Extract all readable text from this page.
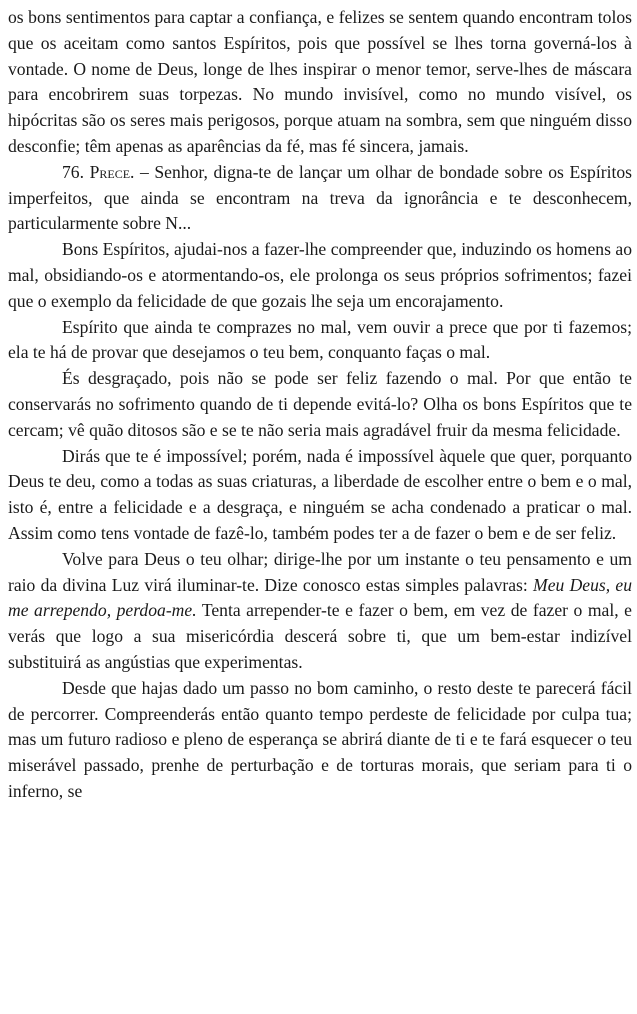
os bons sentimentos para captar a confiança, e felizes se sentem quando encontram tolos que os aceitam como santos Espíritos, pois que possível se lhes torna governá-los à vontade. O nome de Deus, longe de lhes inspirar o menor temor, serve-lhes de máscara para encobrirem suas torpezas. No mundo invisível, como no mundo visível, os hipócritas são os seres mais perigosos, porque atuam na sombra, sem que ninguém disso desconfie; têm apenas as aparências da fé, mas fé sincera, jamais.

76. Prece. – Senhor, digna-te de lançar um olhar de bondade sobre os Espíritos imperfeitos, que ainda se encontram na treva da ignorância e te desconhecem, particularmente sobre N...

Bons Espíritos, ajudai-nos a fazer-lhe compreender que, induzindo os homens ao mal, obsidiando-os e atormentando-os, ele prolonga os seus próprios sofrimentos; fazei que o exemplo da felicidade de que gozais lhe seja um encorajamento.

Espírito que ainda te comprazes no mal, vem ouvir a prece que por ti fazemos; ela te há de provar que desejamos o teu bem, conquanto faças o mal.

És desgraçado, pois não se pode ser feliz fazendo o mal. Por que então te conservarás no sofrimento quando de ti depende evitá-lo? Olha os bons Espíritos que te cercam; vê quão ditosos são e se te não seria mais agradável fruir da mesma felicidade.

Dirás que te é impossível; porém, nada é impossível àquele que quer, porquanto Deus te deu, como a todas as suas criaturas, a liberdade de escolher entre o bem e o mal, isto é, entre a felicidade e a desgraça, e ninguém se acha condenado a praticar o mal. Assim como tens vontade de fazê-lo, também podes ter a de fazer o bem e de ser feliz.

Volve para Deus o teu olhar; dirige-lhe por um instante o teu pensamento e um raio da divina Luz virá iluminar-te. Dize conosco estas simples palavras: Meu Deus, eu me arrependo, perdoa-me. Tenta arrepender-te e fazer o bem, em vez de fazer o mal, e verás que logo a sua misericórdia descerá sobre ti, que um bem-estar indizível substituirá as angústias que experimentas.

Desde que hajas dado um passo no bom caminho, o resto deste te parecerá fácil de percorrer. Compreenderás então quanto tempo perdeste de felicidade por culpa tua; mas um futuro radioso e pleno de esperança se abrirá diante de ti e te fará esquecer o teu miserável passado, prenhe de perturbação e de torturas morais, que seriam para ti o inferno, se
